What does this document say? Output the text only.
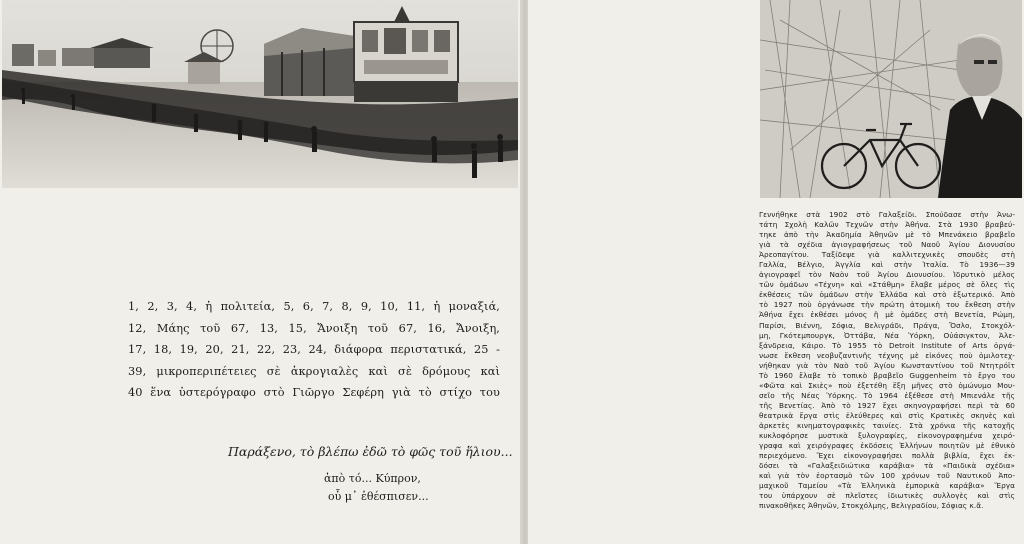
1, 2, 3, 4, ἡ πολιτεία, 5, 6, 7, 8, 9, 10, 11, ἡ μοναξιά,
12, Μάης τοῦ 67, 13, 15, Ἄνοιξη τοῦ 67, 16, Ἄνοιξη,
17, 18, 19, 20, 21, 22, 23, 24, διάφορα περιστατικά, 25 -
39, μικροπεριπέτειες σὲ ἀκρογιαλὲς καὶ σὲ δρόμους καὶ
40 ἕνα ὑστερόγραφο στὸ Γιῶργο Σεφέρη γιὰ τὸ στίχο του
Παράξενο, τὸ βλέπω ἐδῶ τὸ φῶς τοῦ ἥλιου...
ἀπὸ τό... Κύπρον,
οὗ μ᾽ ἐθέσπισεν...
Γεννήθηκε στὰ 1902 στὸ Γαλαξείδι. Σπούδασε στὴν Ἀνω-
τάτη Σχολὴ Καλῶν Τεχνῶν στὴν Ἀθήνα. Στὰ 1930 βραβεύ-
τηκε ἀπὸ τὴν Ἀκαδημία Ἀθηνῶν μὲ τὸ Μπενάκειο βραβεῖο
γιὰ τὰ σχέδια ἁγιογραφήσεως τοῦ Ναοῦ Ἁγίου Διονυσίου
Ἀρεοπαγίτου. Ταξίδεψε γιὰ καλλιτεχνικὲς σπουδὲς στὴ
Γαλλία, Βέλγιο, Ἀγγλία καὶ στὴν Ἰταλία. Τὸ 1936—39
ἁγιογραφεῖ τὸν Ναὸν τοῦ Ἁγίου Διονυσίου. Ἱδρυτικὸ μέλος
τῶν ὁμάδων «Τέχνη» καὶ «Στάθμη» ἔλαβε μέρος σὲ ὅλες τὶς
ἐκθέσεις τῶν ὁμάδων στὴν Ἑλλάδα καὶ στὸ ἐξωτερικό. Ἀπὸ
τὸ 1927 ποὺ ὀργάνωσε τὴν πρώτη ἀτομικὴ του ἔκθεση στὴν
Ἀθήνα ἔχει ἐκθέσει μόνος ἢ μὲ ὁμάδες στὴ Βενετία, Ρώμη,
Παρίσι, Βιέννη, Σόφια, Βελιγράδι, Πράγα, Ὄσλο, Στοκχόλ-
μη, Γκότεμπουργκ, Ὀττάβα, Νέα Ὑόρκη, Οὐάσιγκτον, Ἀλε-
ξάνδρεια, Κάιρο. Τὸ 1955 τὸ Detroit Institute of Arts ὀργά-
νωσε ἔκθεση νεοβυζαντινῆς τέχνης μὲ εἰκόνες ποὺ ὁμιλοτεχ-
νήθηκαν γιὰ τὸν Ναὸ τοῦ Ἁγίου Κωνσταντίνου τοῦ Ντητρόϊτ
Τὸ 1960 ἔλαβε τὸ τοπικὸ βραβεῖο Guggenheim τὸ ἔργο του
«Φῶτα καὶ Σκιὲς» ποὺ ἐξετέθη ἕξη μῆνες στὸ ὁμώνυμο Μου-
σεῖο τῆς Νέας Ὑόρκης. Τὸ 1964 ἐξέθεσε στὴ Μπιενάλε τῆς
τῆς Βενετίας. Ἀπὸ τὸ 1927 ἔχει σκηνογραφήσει περὶ τὰ 60
θεατρικὰ ἔργα στὶς ἐλεύθερες καὶ στὶς Κρατικὲς σκηνὲς καὶ
ἀρκετὲς κινηματογραφικὲς ταινίες. Στὰ χρόνια τῆς κατοχῆς
κυκλοφόρησε μυστικὰ ξυλογραφίες, εἰκονογραφημένα χειρό-
γραφα καὶ χειρόγραφες ἐκδόσεις Ἑλλήνων ποιητῶν μὲ ἐθνικὸ
περιεχόμενο. Ἔχει εἰκονογραφήσει πολλὰ βιβλία, ἔχει ἐκ-
δόσει τὰ «Γαλαξειδιώτικα καράβια» τὰ «Παιδικὰ σχέδια»
καὶ γιὰ τὸν ἑορτασμὸ τῶν 100 χρόνων τοῦ Ναυτικοῦ Ἀπο-
μαχικοῦ Ταμείου «Τὰ Ἑλληνικὰ ἐμπορικὰ καράβια» Ἔργα
του ὑπάρχουν σὲ πλεῖστες ἰδιωτικὲς συλλογὲς καὶ στὶς
πινακοθῆκες Ἀθηνῶν, Στοκχόλμης, Βελιγραδίου, Σόφιας κ.ἄ.
